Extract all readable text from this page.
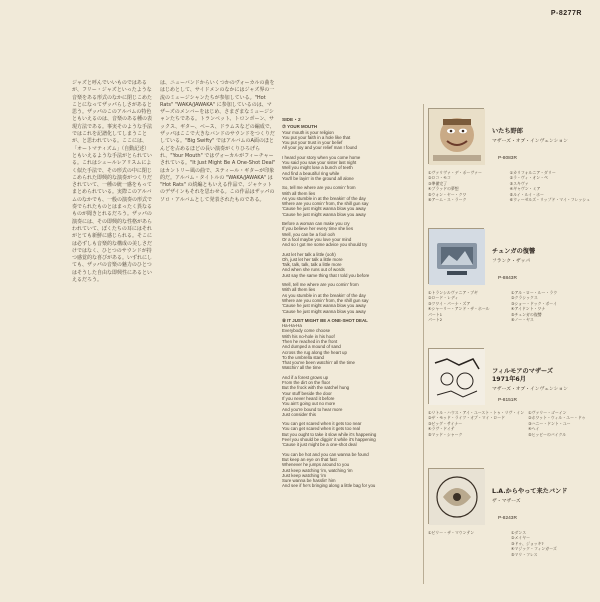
P-8277R
ジャズと呼んでいいものではあるが、フリー・ジャズといったような音楽をある形式のなかに閉じこめたことになってザッパらしさがあると思う。ザッパのこのアルバムの特色ともいえるのは、音楽のある種の表現方法である。事実そのような手法ではこれを記譜化してしまうことが、と思われている。ここには、「オートマティズム」（自動記述）ともいえるような手法がとられている。これはシュールレアリスムによく似た手法で、その形式の中に閉じこめられた即興的な演奏がつくりだされていて、一種の統一感をもってまとめられている。実際このアルバムのなかでも、一般の演奏の形式で奏でられたものとはまったく異なるものが聞きとれるだろう。ザッパの演奏には、その即興的な性格があらわれていて、ぼくたちの耳にはそれがとても新鮮に感じられる。そこには必ずしも音楽的な構成の美しさだけではなく、ひとつのサウンドが持つ感覚的な喜びがある。いずれにしても、ザッパの音楽の魅力のひとつはそうした自由な即興性にあるといえるだろう。
は、ニューバンドからいくつかのヴォーカルの曲をはじめとして、サイドメンのなかにはジャズ界の一流のミュージシャンたちが参加している。"Hot Rats" "WAKA/JAWAKA" に参加しているのは、マザーズのメンバーをはじめ、さまざまなミュージシャンたちである。トランペット、トロンボーン、サックス、ギター、ベース、ドラムスなどの編成で、ザッパはここで大きなバンドのサウンドをつくりだしている。"Big Swifty" ではアルバムのA面のほとんどを占めるほどの長い演奏がくりひろげられ、"Your Mouth" ではヴォーカルがフィーチャーされている。"It Just Might Be A One-Shot Deal" はカントリー風の曲で、スティール・ギターが印象的だ。アルバム・タイトルの "WAKA/JAWAKA" は "Hot Rats" の続編ともいえる作品で、ジャケットのデザインもそれを思わせる。この作品はザッパのソロ・アルバムとして発表されたものである。
SIDE・2
⑦ YOUR MOUTH
Your mouth is your religion
You put your faith in a hole like that
You put your trust in your belief
All your joy and your relief man I found
I heard your story when you come home
You said you saw your sister last night
Well you might lose a bunch of teeth
And find a beautiful ring while
You'll be layin' in the ground all alone
So, tell me where are you comin' from
With all them lies
As you stumble in at the breakin' of the day
Where are you comin' from, the shill gun say
'Cause he just might wanna blow you away
'Cause he just might wanna blow you away
Before a woman can make you cry
If you believe her every time she lies
Well, you can be a fool ooh
Or a fool maybe you love your mind
And so I got me some advice you should try
Just let her talk a little (ooh)
Oh, just let her talk a little more
Talk, talk, talk, talk a little more
And when she runs out of words
Just say the same thing that I told you before
Well, tell me where are you comin' from
With all them lies
As you stumble in at the breakin' of the day
Where are you comin' from, the shill gun say
'Cause he just might wanna blow you away
'Cause he just might wanna blow you away
⑧ IT JUST MIGHT BE A ONE-SHOT DEAL
Ha-Ha-Ha
Everybody come choose
With his no-hole in his hoof
Then he reached in the front
And dumped a mound of sand
Across the rug along the heart up
To the umbrella stand
That you've been watchin' all the time
Watchin' all the time
And if a forest grows up
From the dirt on the floor
But the frock with the satchel hung
Your stuff beside the door
If you never heard it before
You ain't going out no more
And you're bound to hear more
Just consider this
You can get scared when it gets too near
You can get scared when it gets too real
But you ought to take it slow while it's happening
Feel you should be diggin' it while it's happening
'Cause it just might be a one-shot deal
You can be hot and you can wanna be found
But keep an eye on that fast
Whenever he jumps around to you
Just keep watching 'im, watching 'im
Just keep watching 'im
Sure wanna be hasslin' him
And see if he's bringing along a little bag for you
いたち野郎
マザーズ・オブ・インヴェンション
P-8083R
①ヴァリヴァ・デ・ポーヴァー	①カリフォルニア・ダリー
②ロコ・モコ	②ラ・ヴィ・オン・ペ
③準備完了	③スキヴァ
④ブラッドの夢想	④ギャヴン・ミア
⑤ウォン・ヤー・クワ	⑤ルイ・ルイ・ホー
⑥アーム・ス・ラーク	⑥ウィーゼルズ・リップド・マイ・フレッシュ
チュンガの復讐
フランク・ザッパ
P-8843R
①トランシルヴァニア・ブギ	①アル・ロー・ルー・ラウ
②ロード・レディ	②クラシックス
③ツワイ・パーナ・ズア	③ショー・ドック・ボーイ
④シャーリー・アンド・ザ・ホール	④アイドント・ワナ
パート1	⑤チュンガの復讐
パート2	⑥ノー・ヤス
フィルモアのマザーズ
1971年6月
マザーズ・オブ・インヴェンション
P-8151R
①リトル・ハウス・アイ・ユースト・トゥ・リヴ・イン ①ヴァリー・ゴーイン
②ザ・モッド・ライツ・オブ・マイ・ロード	②ホワット・ウィル・ユー・ドゥ
③ビッグ・サイナー	③ハニー・ドント・ユー
④ラヴ・ドイテ	④ヘイ
⑤マッド・シャーク	⑤ヒッピーのバイクル
L.A.からやって来たバンド
ザ・マザーズ
P-8243R
①ビリー・ザ・マウンテン	①ダンス
②メイヤー
③ドゥ、ジョッキ?
④マジック・フィンガーズ
⑤マリ・フレス
